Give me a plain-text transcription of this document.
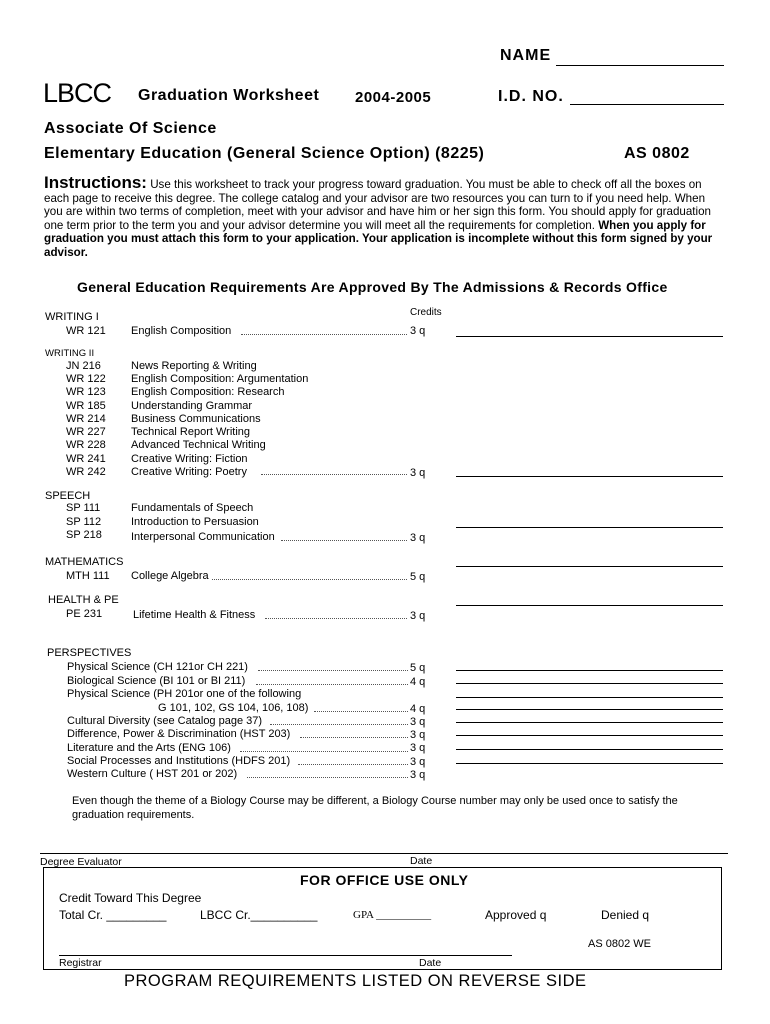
NAME
LBCC Graduation Worksheet 2004-2005	I.D. NO.
Associate Of Science
Elementary Education (General Science Option) (8225)	AS 0802
Instructions: Use this worksheet to track your progress toward graduation. You must be able to check off all the boxes on each page to receive this degree. The college catalog and your advisor are two resources you can turn to if you need help. When you are within two terms of completion, meet with your advisor and have him or her sign this form. You should apply for graduation one term prior to the term you and your advisor determine you will meet all the requirements for completion. When you apply for graduation you must attach this form to your application. Your application is incomplete without this form signed by your advisor.
General Education Requirements Are Approved By The Admissions & Records Office
Credits
WRITING I
WR 121 English Composition	3 q
WRITING II
JN 216	News Reporting & Writing
WR 122 English Composition: Argumentation
WR 123 English Composition: Research
WR 185 Understanding Grammar
WR 214 Business Communications
WR 227 Technical Report Writing
WR 228 Advanced Technical Writing
WR 241 Creative Writing: Fiction
WR 242 Creative Writing: Poetry	3 q
SPEECH
SP 111	Fundamentals of Speech
SP 112	Introduction to Persuasion
SP 218	Interpersonal Communication	3 q
MATHEMATICS
MTH 111 College Algebra	5 q
HEALTH & PE
PE 231	Lifetime Health & Fitness	3 q
PERSPECTIVES
Physical Science (CH 121or CH 221)	5 q
Biological Science (BI 101 or BI 211)	4 q
Physical Science (PH 201or one of the following
G 101, 102, GS 104, 106, 108)	4 q
Cultural Diversity (see Catalog page 37)	3 q
Difference, Power & Discrimination (HST 203)	3 q
Literature and the Arts (ENG 106)	3 q
Social Processes and Institutions (HDFS 201)	3 q
Western Culture ( HST 201 or 202)	3 q
Even though the theme of a Biology Course may be different, a Biology Course number may only be used once to satisfy the graduation requirements.
Degree Evaluator	Date
FOR OFFICE USE ONLY
Credit Toward This Degree
Total Cr. _________	LBCC Cr.__________	GPA __________	Approved q	Denied q
AS 0802 WE
Registrar	Date
PROGRAM REQUIREMENTS LISTED ON REVERSE SIDE
